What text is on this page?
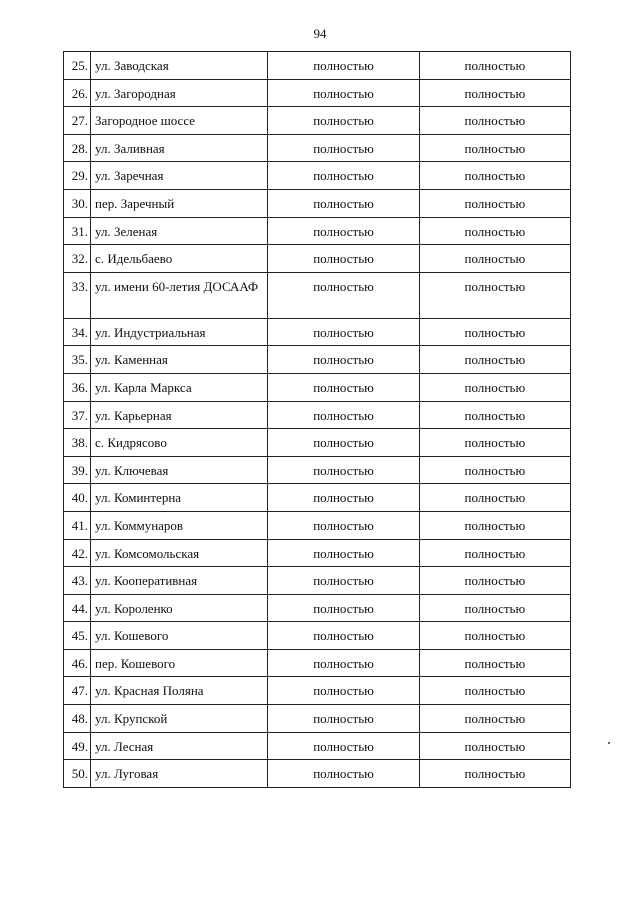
94
25.	ул. Заводская	полностью	полностью
26.	ул. Загородная	полностью	полностью
27.	Загородное шоссе	полностью	полностью
28.	ул. Заливная	полностью	полностью
29.	ул. Заречная	полностью	полностью
30.	пер. Заречный	полностью	полностью
31.	ул. Зеленая	полностью	полностью
32.	с. Идельбаево	полностью	полностью
33.	ул. имени 60-летия ДОСААФ	полностью	полностью
34.	ул. Индустриальная	полностью	полностью
35.	ул. Каменная	полностью	полностью
36.	ул. Карла Маркса	полностью	полностью
37.	ул. Карьерная	полностью	полностью
38.	с. Кидрясово	полностью	полностью
39.	ул. Ключевая	полностью	полностью
40.	ул. Коминтерна	полностью	полностью
41.	ул. Коммунаров	полностью	полностью
42.	ул. Комсомольская	полностью	полностью
43.	ул. Кооперативная	полностью	полностью
44.	ул. Короленко	полностью	полностью
45.	ул. Кошевого	полностью	полностью
46.	пер. Кошевого	полностью	полностью
47.	ул. Красная Поляна	полностью	полностью
48.	ул. Крупской	полностью	полностью
49.	ул. Лесная	полностью	полностью
50.	ул. Луговая	полностью	полностью
